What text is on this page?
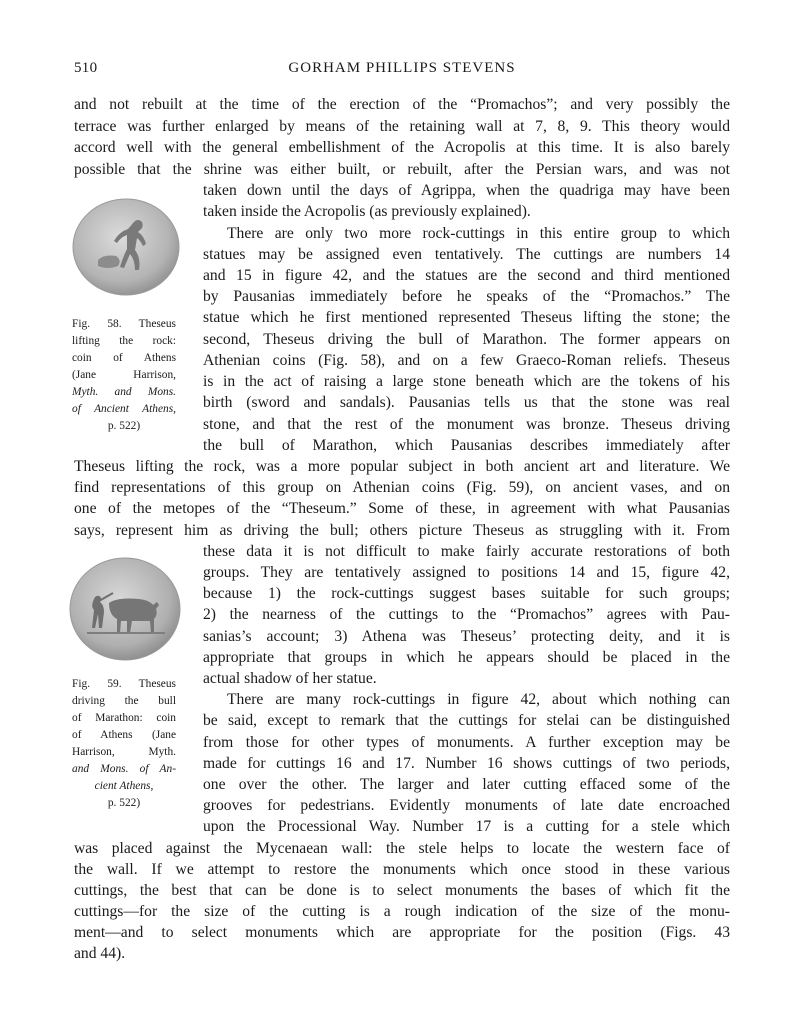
510	GORHAM PHILLIPS STEVENS
and not rebuilt at the time of the erection of the “Promachos”; and very possibly the
terrace was further enlarged by means of the retaining wall at 7, 8, 9. This theory would
accord well with the general embellishment of the Acropolis at this time. It is also barely
possible that the shrine was either built, or rebuilt, after the Persian wars, and was not
taken down until the days of Agrippa, when the quadriga may have been
taken inside the Acropolis (as previously explained).
There are only two more rock-cuttings in this entire group to which
statues may be assigned even tentatively. The cuttings are numbers 14
and 15 in figure 42, and the statues are the second and third mentioned
by Pausanias immediately before he speaks of the “Promachos.” The
statue which he first mentioned represented Theseus lifting the stone; the
second, Theseus driving the bull of Marathon. The former appears on
Athenian coins (Fig. 58), and on a few Graeco-Roman reliefs. Theseus
is in the act of raising a large stone beneath which are the tokens of his
birth (sword and sandals). Pausanias tells us that the stone was real
stone, and that the rest of the monument was bronze. Theseus driving
the bull of Marathon, which Pausanias describes immediately after
Theseus lifting the rock, was a more popular subject in both ancient art and literature. We
find representations of this group on Athenian coins (Fig. 59), on ancient vases, and on
one of the metopes of the “Theseum.” Some of these, in agreement with what Pausanias
says, represent him as driving the bull; others picture Theseus as struggling with it. From
these data it is not difficult to make fairly accurate restorations of both
groups. They are tentatively assigned to positions 14 and 15, figure 42,
because 1) the rock-cuttings suggest bases suitable for such groups;
2) the nearness of the cuttings to the “Promachos” agrees with Pau-
sanias’s account; 3) Athena was Theseus’ protecting deity, and it is
appropriate that groups in which he appears should be placed in the
actual shadow of her statue.
There are many rock-cuttings in figure 42, about which nothing can
be said, except to remark that the cuttings for stelai can be distinguished
from those for other types of monuments. A further exception may be
made for cuttings 16 and 17. Number 16 shows cuttings of two periods,
one over the other. The larger and later cutting effaced some of the
grooves for pedestrians. Evidently monuments of late date encroached
upon the Processional Way. Number 17 is a cutting for a stele which
was placed against the Mycenaean wall: the stele helps to locate the western face of
the wall. If we attempt to restore the monuments which once stood in these various
cuttings, the best that can be done is to select monuments the bases of which fit the
cuttings—for the size of the cutting is a rough indication of the size of the monu-
ment—and to select monuments which are appropriate for the position (Figs. 43
and 44).
Fig. 58. Theseus
lifting the rock:
coin of Athens
(Jane Harrison,
Myth. and Mons.
of Ancient Athens,
p. 522)
Fig. 59. Theseus
driving the bull
of Marathon: coin
of Athens (Jane
Harrison, Myth.
and Mons. of An-
cient Athens,
p. 522)
